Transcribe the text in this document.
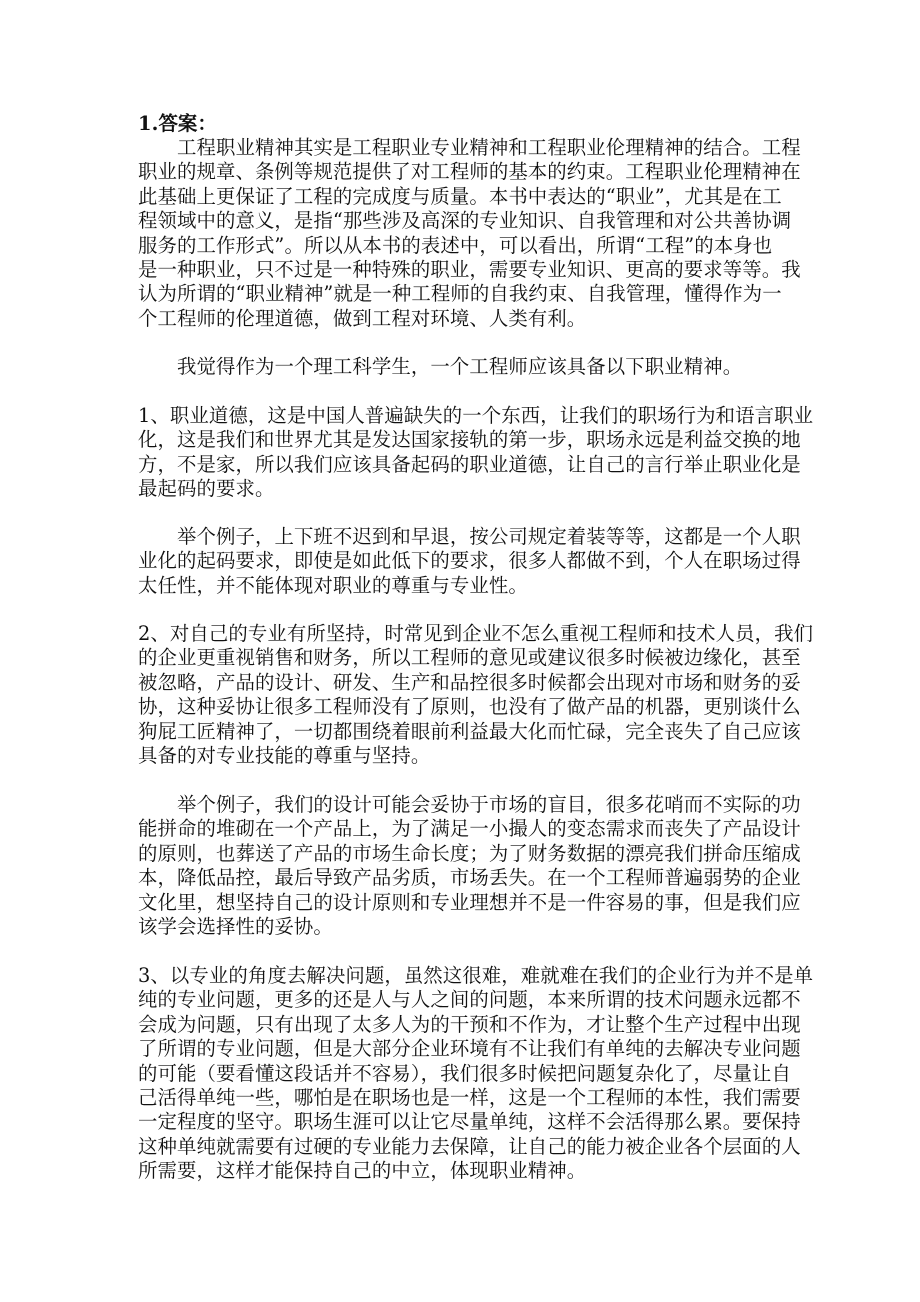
1.答案：
工程职业精神其实是工程职业专业精神和工程职业伦理精神的结合。工程
职业的规章、条例等规范提供了对工程师的基本的约束。工程职业伦理精神在
此基础上更保证了工程的完成度与质量。本书中表达的“职业”，尤其是在工
程领域中的意义，是指“那些涉及高深的专业知识、自我管理和对公共善协调
服务的工作形式”。所以从本书的表述中，可以看出，所谓“工程”的本身也
是一种职业，只不过是一种特殊的职业，需要专业知识、更高的要求等等。我
认为所谓的“职业精神”就是一种工程师的自我约束、自我管理，懂得作为一
个工程师的伦理道德，做到工程对环境、人类有利。
我觉得作为一个理工科学生，一个工程师应该具备以下职业精神。
1、职业道德，这是中国人普遍缺失的一个东西，让我们的职场行为和语言职业
化，这是我们和世界尤其是发达国家接轨的第一步，职场永远是利益交换的地
方，不是家，所以我们应该具备起码的职业道德，让自己的言行举止职业化是
最起码的要求。
举个例子，上下班不迟到和早退，按公司规定着装等等，这都是一个人职
业化的起码要求，即使是如此低下的要求，很多人都做不到，个人在职场过得
太任性，并不能体现对职业的尊重与专业性。
2、对自己的专业有所坚持，时常见到企业不怎么重视工程师和技术人员，我们
的企业更重视销售和财务，所以工程师的意见或建议很多时候被边缘化，甚至
被忽略，产品的设计、研发、生产和品控很多时候都会出现对市场和财务的妥
协，这种妥协让很多工程师没有了原则，也没有了做产品的机器，更别谈什么
狗屁工匠精神了，一切都围绕着眼前利益最大化而忙碌，完全丧失了自己应该
具备的对专业技能的尊重与坚持。
举个例子，我们的设计可能会妥协于市场的盲目，很多花哨而不实际的功
能拼命的堆砌在一个产品上，为了满足一小撮人的变态需求而丧失了产品设计
的原则，也葬送了产品的市场生命长度；为了财务数据的漂亮我们拼命压缩成
本，降低品控，最后导致产品劣质，市场丢失。在一个工程师普遍弱势的企业
文化里，想坚持自己的设计原则和专业理想并不是一件容易的事，但是我们应
该学会选择性的妥协。
3、以专业的角度去解决问题，虽然这很难，难就难在我们的企业行为并不是单
纯的专业问题，更多的还是人与人之间的问题，本来所谓的技术问题永远都不
会成为问题，只有出现了太多人为的干预和不作为，才让整个生产过程中出现
了所谓的专业问题，但是大部分企业环境有不让我们有单纯的去解决专业问题
的可能（要看懂这段话并不容易），我们很多时候把问题复杂化了，尽量让自
己活得单纯一些，哪怕是在职场也是一样，这是一个工程师的本性，我们需要
一定程度的坚守。职场生涯可以让它尽量单纯，这样不会活得那么累。要保持
这种单纯就需要有过硬的专业能力去保障，让自己的能力被企业各个层面的人
所需要，这样才能保持自己的中立，体现职业精神。
